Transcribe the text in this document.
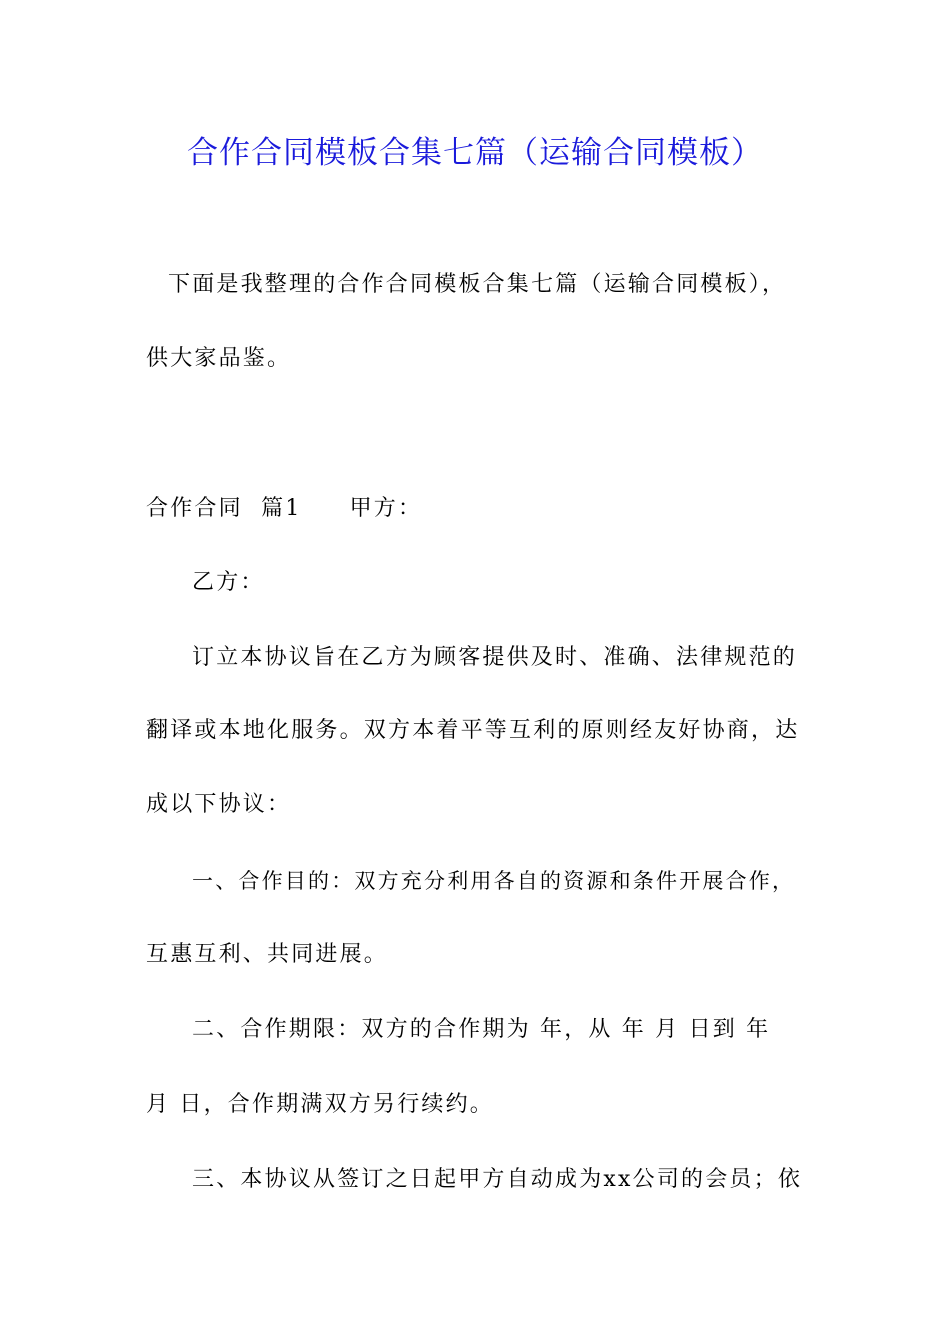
合作合同模板合集七篇（运输合同模板）
下面是我整理的合作合同模板合集七篇（运输合同模板），
供大家品鉴。
合作合同  篇1 甲方：
乙方：
订立本协议旨在乙方为顾客提供及时、准确、法律规范的
翻译或本地化服务。双方本着平等互利的原则经友好协商，达
成以下协议：
一、合作目的：双方充分利用各自的资源和条件开展合作，
互惠互利、共同进展。
二、合作期限：双方的合作期为 年，从 年 月 日到 年
月 日，合作期满双方另行续约。
三、本协议从签订之日起甲方自动成为xx公司的会员；依
